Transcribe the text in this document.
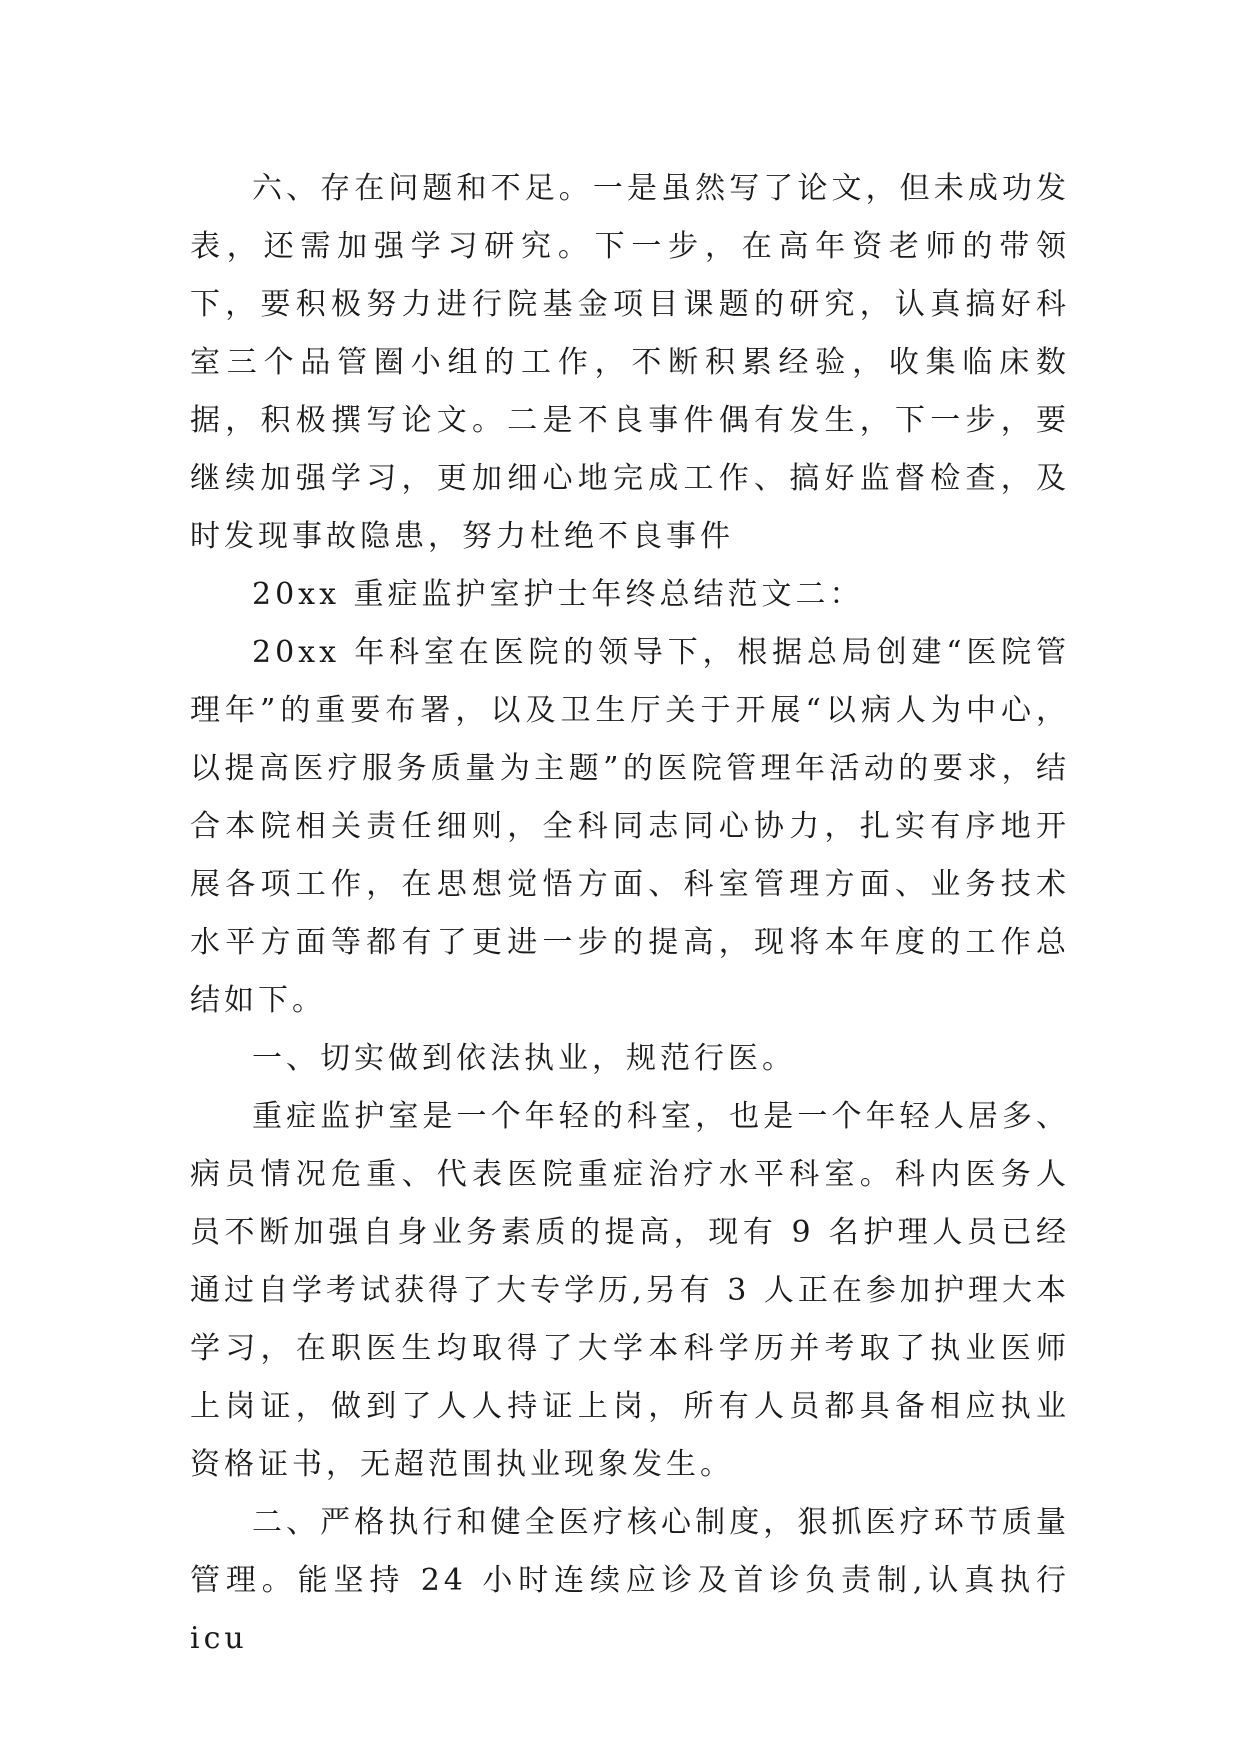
六、存在问题和不足。一是虽然写了论文，但未成功发表，还需加强学习研究。下一步，在高年资老师的带领下，要积极努力进行院基金项目课题的研究，认真搞好科室三个品管圈小组的工作，不断积累经验，收集临床数据，积极撰写论文。二是不良事件偶有发生，下一步，要继续加强学习，更加细心地完成工作、搞好监督检查，及时发现事故隐患，努力杜绝不良事件

20xx 重症监护室护士年终总结范文二：

20xx 年科室在医院的领导下，根据总局创建“医院管理年”的重要布署，以及卫生厅关于开展“以病人为中心，以提高医疗服务质量为主题”的医院管理年活动的要求，结合本院相关责任细则，全科同志同心协力，扎实有序地开展各项工作，在思想觉悟方面、科室管理方面、业务技术水平方面等都有了更进一步的提高，现将本年度的工作总结如下。

一、切实做到依法执业，规范行医。

重症监护室是一个年轻的科室，也是一个年轻人居多、病员情况危重、代表医院重症治疗水平科室。科内医务人员不断加强自身业务素质的提高，现有 9 名护理人员已经通过自学考试获得了大专学历,另有 3 人正在参加护理大本学习，在职医生均取得了大学本科学历并考取了执业医师上岗证，做到了人人持证上岗，所有人员都具备相应执业资格证书，无超范围执业现象发生。

二、严格执行和健全医疗核心制度，狠抓医疗环节质量管理。能坚持 24 小时连续应诊及首诊负责制,认真执行 icu
